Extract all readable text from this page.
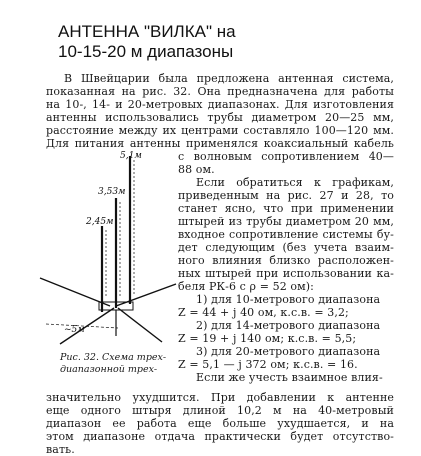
АНТЕННА "ВИЛКА" на
10-15-20 м диапазоны
В Швейцарии была предложена антенная система,
показанная на рис. 32. Она предназначена для работы
на 10-, 14- и 20-метровых диапазонах. Для изготовления
антенны использовались трубы диаметром 20—25 мм,
расстояние между их центрами составляло 100—120 мм.
Для питания антенны применялся коаксиальный кабель
с волновым сопротивлением 40—
88 ом.
Если обратиться к графикам,
приведенным на рис. 27 и 28, то
станет ясно, что при применении
штырей из трубы диаметром 20 мм,
входное сопротивление системы бу-
дет следующим (без учета взаим-
ного влияния близко расположен-
ных штырей при использовании ка-
беля РК-6 с ρ = 52 ом):
1) для 10-метрового диапазона
Z = 44 + j 40 ом, к.с.в. = 3,2;
2) для 14-метрового диапазона
Z = 19 + j 140 ом; к.с.в. = 5,5;
3) для 20-метрового диапазона
Z = 5,1 — j 372 ом; к.с.в. = 16.
Если же учесть взаимное влия-
значительно ухудшится. При добавлении к антенне
еще одного штыря длиной 10,2 м на 40-метровый
диапазон ее работа еще больше ухудшается, и на
этом диапазоне отдача практически будет отсутство-
вать.
5,1м
3,53м
2,45м
~5м
Рис. 32. Схема трех-
диапазонной трех-
